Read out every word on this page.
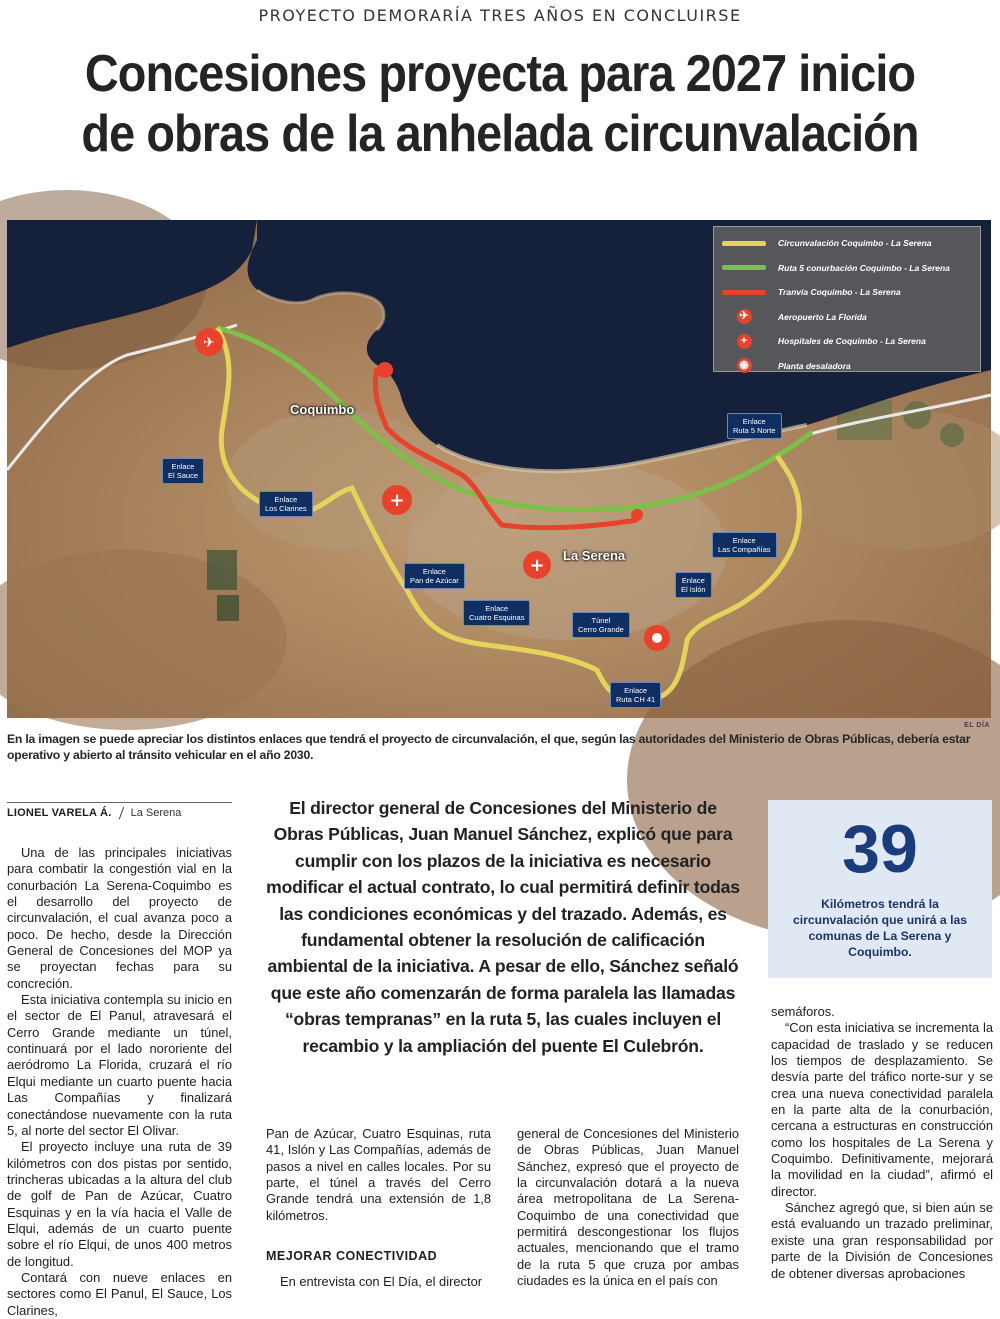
PROYECTO DEMORARÍA TRES AÑOS EN CONCLUIRSE
Concesiones proyecta para 2027 inicio
de obras de la anhelada circunvalación
✈
+
+
Coquimbo
La Serena
Enlace
El Sauce
Enlace
Los Clarines
Enlace
Pan de Azúcar
Enlace
Cuatro Esquinas	Túnel
Cerro Grande
Enlace
Ruta CH 41
Enlace
El Islón
Enlace
Las Compañías
Enlace
Ruta 5 Norte
Circunvalación Coquimbo - La Serena
Ruta 5 conurbación Coquimbo - La Serena
Tranvía Coquimbo - La Serena
✈	Aeropuerto La Florida
+	Hospitales de Coquimbo - La Serena
◉	Planta desaladora
EL DÍA
En la imagen se puede apreciar los distintos enlaces que tendrá el proyecto de circunvalación, el que, según las autoridades del Ministerio de Obras Públicas, debería estar operativo y abierto al tránsito vehicular en el año 2030.
LIONEL VARELA Á. La Serena

Una de las principales iniciativas para combatir la congestión vial en la conurbación La Serena-Coquimbo es el desarrollo del proyecto de circunvalación, el cual avanza poco a poco. De hecho, desde la Dirección General de Concesiones del MOP ya se proyectan fechas para su concreción.

Esta iniciativa contempla su inicio en el sector de El Panul, atravesará el Cerro Grande mediante un túnel, continuará por el lado nororiente del aeródromo La Florida, cruzará el río Elqui mediante un cuarto puente hacia Las Compañías y finalizará conectándose nuevamente con la ruta 5, al norte del sector El Olivar.

El proyecto incluye una ruta de 39 kilómetros con dos pistas por sentido, trincheras ubicadas a la altura del club de golf de Pan de Azúcar, Cuatro Esquinas y en la vía hacia el Valle de Elqui, además de un cuarto puente sobre el río Elqui, de unos 400 metros de longitud.

Contará con nueve enlaces en sectores como El Panul, El Sauce, Los Clarines,

El director general de Concesiones del Ministerio de Obras Públicas, Juan Manuel Sánchez, explicó que para cumplir con los plazos de la iniciativa es necesario modificar el actual contrato, lo cual permitirá definir todas las condiciones económicas y del trazado. Además, es fundamental obtener la resolución de calificación ambiental de la iniciativa. A pesar de ello, Sánchez señaló que este año comenzarán de forma paralela las llamadas “obras tempranas” en la ruta 5, las cuales incluyen el recambio y la ampliación del puente El Culebrón.

Pan de Azúcar, Cuatro Esquinas, ruta 41, Islón y Las Compañías, además de pasos a nivel en calles locales. Por su parte, el túnel a través del Cerro Grande tendrá una extensión de 1,8 kilómetros.

MEJORAR CONECTIVIDAD

En entrevista con El Día, el director

general de Concesiones del Ministerio de Obras Públicas, Juan Manuel Sánchez, expresó que el proyecto de la circunvalación dotará a la nueva área metropolitana de La Serena-Coquimbo de una conectividad que permitirá descongestionar los flujos actuales, mencionando que el tramo de la ruta 5 que cruza por ambas ciudades es la única en el país con

39
Kilómetros tendrá la circunvalación que unirá a las comunas de La Serena y Coquimbo.

semáforos.

“Con esta iniciativa se incrementa la capacidad de traslado y se reducen los tiempos de desplazamiento. Se desvía parte del tráfico norte-sur y se crea una nueva conectividad paralela en la parte alta de la conurbación, cercana a estructuras en construcción como los hospitales de La Serena y Coquimbo. Definitivamente, mejorará la movilidad en la ciudad”, afirmó el director.

Sánchez agregó que, si bien aún se está evaluando un trazado preliminar, existe una gran responsabilidad por parte de la División de Concesiones de obtener diversas aprobaciones
